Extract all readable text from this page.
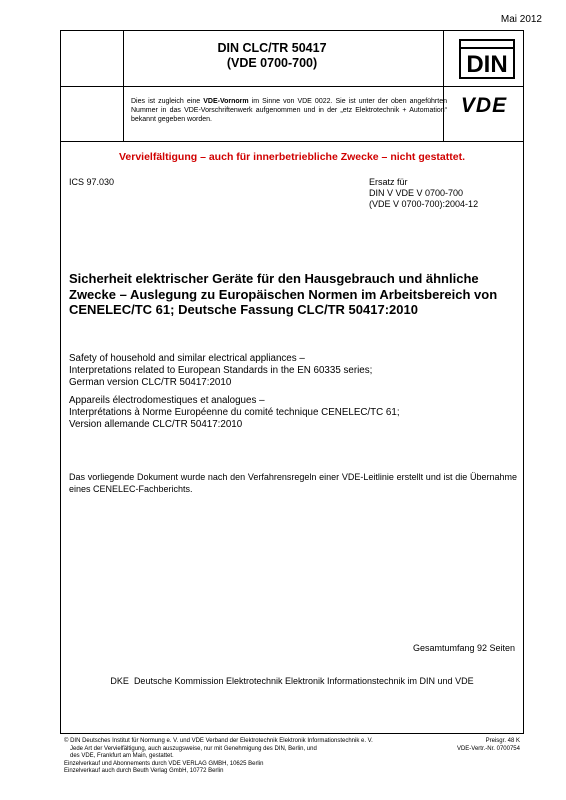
Mai 2012
DIN CLC/TR 50417
(VDE 0700-700)	DIN
Dies ist zugleich eine VDE-Vornorm im Sinne von VDE 0022. Sie ist unter der oben angeführten Nummer in das VDE-Vorschriftenwerk aufgenommen und in der „etz Elektrotechnik + Automation“ bekannt gegeben worden.
VDE
Vervielfältigung – auch für innerbetriebliche Zwecke – nicht gestattet.
ICS 97.030	Ersatz für
DIN V VDE V 0700-700
(VDE V 0700-700):2004-12
Sicherheit elektrischer Geräte für den Hausgebrauch und ähnliche Zwecke – Auslegung zu Europäischen Normen im Arbeitsbereich von CENELEC/TC 61; Deutsche Fassung CLC/TR 50417:2010
Safety of household and similar electrical appliances –
Interpretations related to European Standards in the EN 60335 series;
German version CLC/TR 50417:2010
Appareils électrodomestiques et analogues –
Interprétations à Norme Européenne du comité technique CENELEC/TC 61;
Version allemande CLC/TR 50417:2010
Das vorliegende Dokument wurde nach den Verfahrensregeln einer VDE-Leitlinie erstellt und ist die Übernahme eines CENELEC-Fachberichts.
Gesamtumfang 92 Seiten
DKE Deutsche Kommission Elektrotechnik Elektronik Informationstechnik im DIN und VDE
© DIN Deutsches Institut für Normung e. V. und VDE Verband der Elektrotechnik Elektronik Informationstechnik e. V.
Jede Art der Vervielfältigung, auch auszugsweise, nur mit Genehmigung des DIN, Berlin, und
des VDE, Frankfurt am Main, gestattet.
Einzelverkauf und Abonnements durch VDE VERLAG GMBH, 10625 Berlin
Einzelverkauf auch durch Beuth Verlag GmbH, 10772 Berlin
Preisgr. 48 K
VDE-Vertr.-Nr. 0700754
